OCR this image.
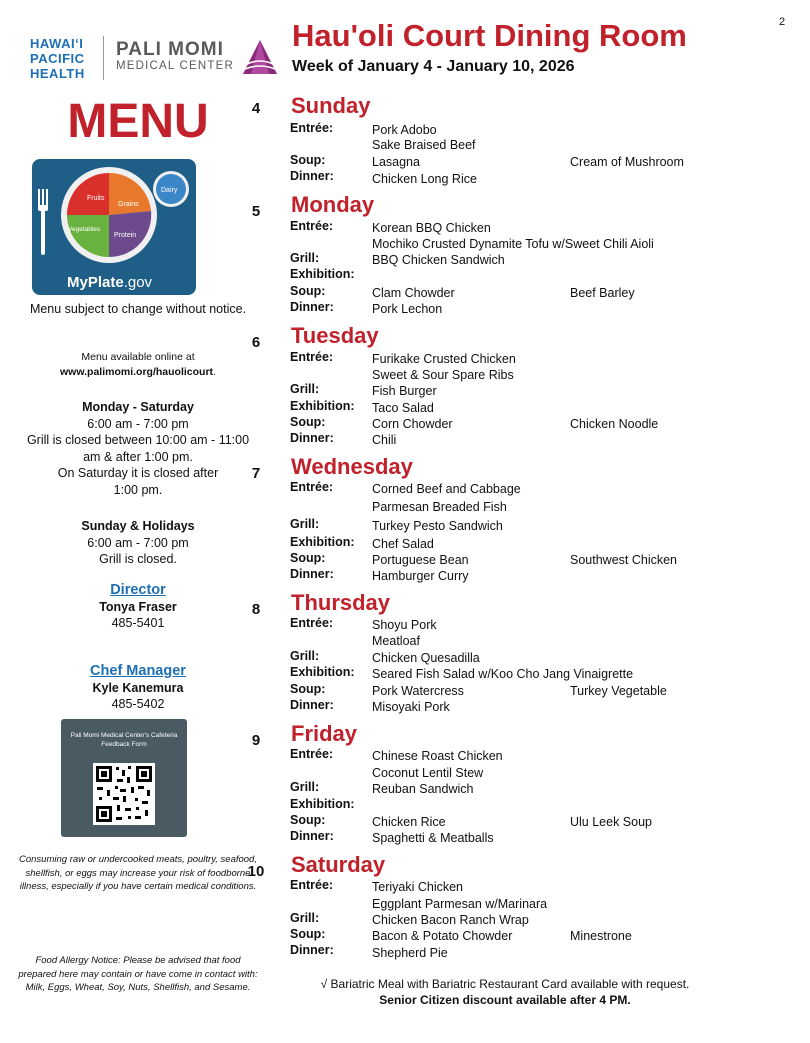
2
HAWAIʻI
PACIFIC
HEALTH
PALI MOMI
MEDICAL CENTER
Hau'oli Court Dining Room
Week of January 4 - January 10, 2026
MENU
Fruits
Grains
Vegetables
Protein
Dairy
MyPlate.gov
Menu subject to change without notice.
Menu available online at
www.palimomi.org/hauolicourt.
Monday - Saturday
6:00 am - 7:00 pm
Grill is closed between 10:00 am - 11:00 am & after 1:00 pm.
On Saturday it is closed after 1:00 pm.
Sunday & Holidays
6:00 am - 7:00 pm
Grill is closed.
Director
Tonya Fraser
485-5401
Chef Manager
Kyle Kanemura
485-5402
Pali Momi Medical Center's Cafeteria Feedback Form
Consuming raw or undercooked meats, poultry, seafood, shellfish, or eggs may increase your risk of foodborne illness, especially if you have certain medical conditions.
Food Allergy Notice: Please be advised that food prepared here may contain or have come in contact with: Milk, Eggs, Wheat, Soy, Nuts, Shellfish, and Sesame.
4	Sunday
Entrée:	Pork Adobo
Sake Braised Beef
Soup:	Lasagna	Cream of Mushroom
Dinner:	Chicken Long Rice
5	Monday
Entrée:	Korean BBQ Chicken
Mochiko Crusted Dynamite Tofu w/Sweet Chili Aioli
Grill:	BBQ Chicken Sandwich
Exhibition:
Soup:	Clam Chowder	Beef Barley
Dinner:	Pork Lechon
6	Tuesday
Entrée:	Furikake Crusted Chicken
Sweet & Sour Spare Ribs
Grill:	Fish Burger
Exhibition: Taco Salad
Soup:	Corn Chowder	Chicken Noodle
Dinner:	Chili
7	Wednesday
Entrée:	Corned Beef and Cabbage
Parmesan Breaded Fish
Grill:	Turkey Pesto Sandwich
Exhibition: Chef Salad
Soup:	Portuguese Bean	Southwest Chicken
Dinner:	Hamburger Curry
8	Thursday
Entrée:	Shoyu Pork
Meatloaf
Grill:	Chicken Quesadilla
Exhibition: Seared Fish Salad w/Koo Cho Jang Vinaigrette
Soup:	Pork Watercress	Turkey Vegetable
Dinner:	Misoyaki Pork
9	Friday
Entrée:	Chinese Roast Chicken
Coconut Lentil Stew
Grill:	Reuban Sandwich
Exhibition:
Soup:	Chicken Rice	Ulu Leek Soup
Dinner:	Spaghetti & Meatballs
10	Saturday
Entrée:	Teriyaki Chicken
Eggplant Parmesan w/Marinara
Grill:	Chicken Bacon Ranch Wrap
Soup:	Bacon & Potato Chowder	Minestrone
Dinner:	Shepherd Pie
√ Bariatric Meal with Bariatric Restaurant Card available with request.
Senior Citizen discount available after 4 PM.
